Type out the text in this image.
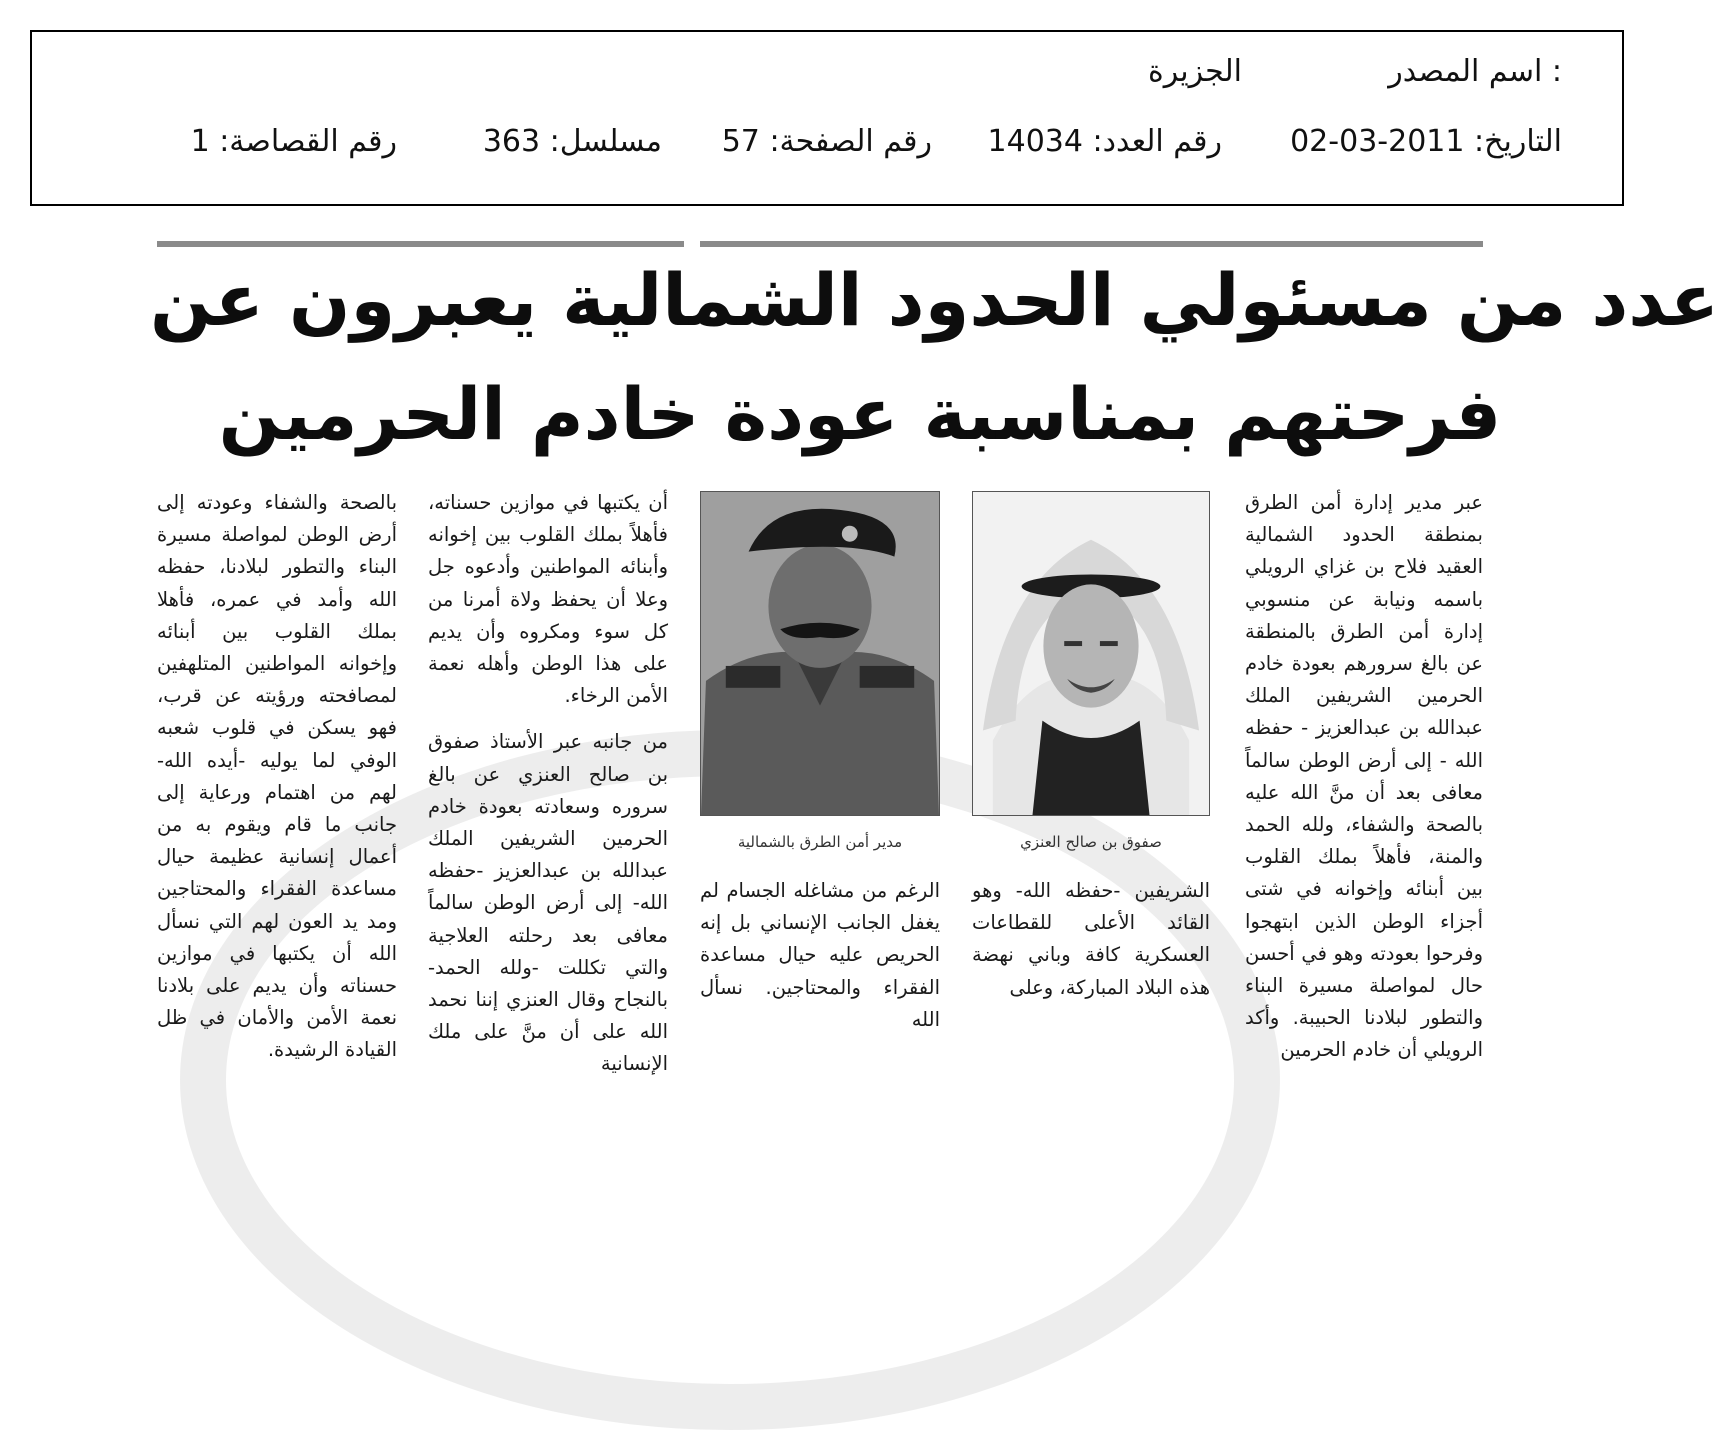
اسم المصدر :
الجزيرة
التاريخ: 2011-03-02
رقم العدد: 14034
رقم الصفحة: 57
مسلسل: 363
رقم القصاصة: 1
عدد من مسئولي الحدود الشمالية يعبرون عن
فرحتهم بمناسبة عودة خادم الحرمين

عبر مدير إدارة أمن الطرق بمنطقة الحدود الشمالية العقيد فلاح بن غزاي الرويلي باسمه ونيابة عن منسوبي إدارة أمن الطرق بالمنطقة عن بالغ سرورهم بعودة خادم الحرمين الشريفين الملك عبدالله بن عبدالعزيز - حفظه الله - إلى أرض الوطن سالماً معافى بعد أن منَّ الله عليه بالصحة والشفاء، ولله الحمد والمنة، فأهلاً بملك القلوب بين أبنائه وإخوانه في شتى أجزاء الوطن الذين ابتهجوا وفرحوا بعودته وهو في أحسن حال لمواصلة مسيرة البناء والتطور لبلادنا الحبيبة. وأكد الرويلي أن خادم الحرمين

صفوق بن صالح العنزي
مدير أمن الطرق بالشمالية

الشريفين -حفظه الله- وهو القائد الأعلى للقطاعات العسكرية كافة وباني نهضة هذه البلاد المباركة، وعلى

الرغم من مشاغله الجسام لم يغفل الجانب الإنساني بل إنه الحريص عليه حيال مساعدة الفقراء والمحتاجين. نسأل الله

أن يكتبها في موازين حسناته، فأهلاً بملك القلوب بين إخوانه وأبنائه المواطنين وأدعوه جل وعلا أن يحفظ ولاة أمرنا من كل سوء ومكروه وأن يديم على هذا الوطن وأهله نعمة الأمن الرخاء.

من جانبه عبر الأستاذ صفوق بن صالح العنزي عن بالغ سروره وسعادته بعودة خادم الحرمين الشريفين الملك عبدالله بن عبدالعزيز -حفظه الله- إلى أرض الوطن سالماً معافى بعد رحلته العلاجية والتي تكللت -ولله الحمد- بالنجاح وقال العنزي إننا نحمد الله على أن منَّ على ملك الإنسانية

بالصحة والشفاء وعودته إلى أرض الوطن لمواصلة مسيرة البناء والتطور لبلادنا، حفظه الله وأمد في عمره، فأهلا بملك القلوب بين أبنائه وإخوانه المواطنين المتلهفين لمصافحته ورؤيته عن قرب، فهو يسكن في قلوب شعبه الوفي لما يوليه -أيده الله- لهم من اهتمام ورعاية إلى جانب ما قام ويقوم به من أعمال إنسانية عظيمة حيال مساعدة الفقراء والمحتاجين ومد يد العون لهم التي نسأل الله أن يكتبها في موازين حسناته وأن يديم على بلادنا نعمة الأمن والأمان في ظل القيادة الرشيدة.
